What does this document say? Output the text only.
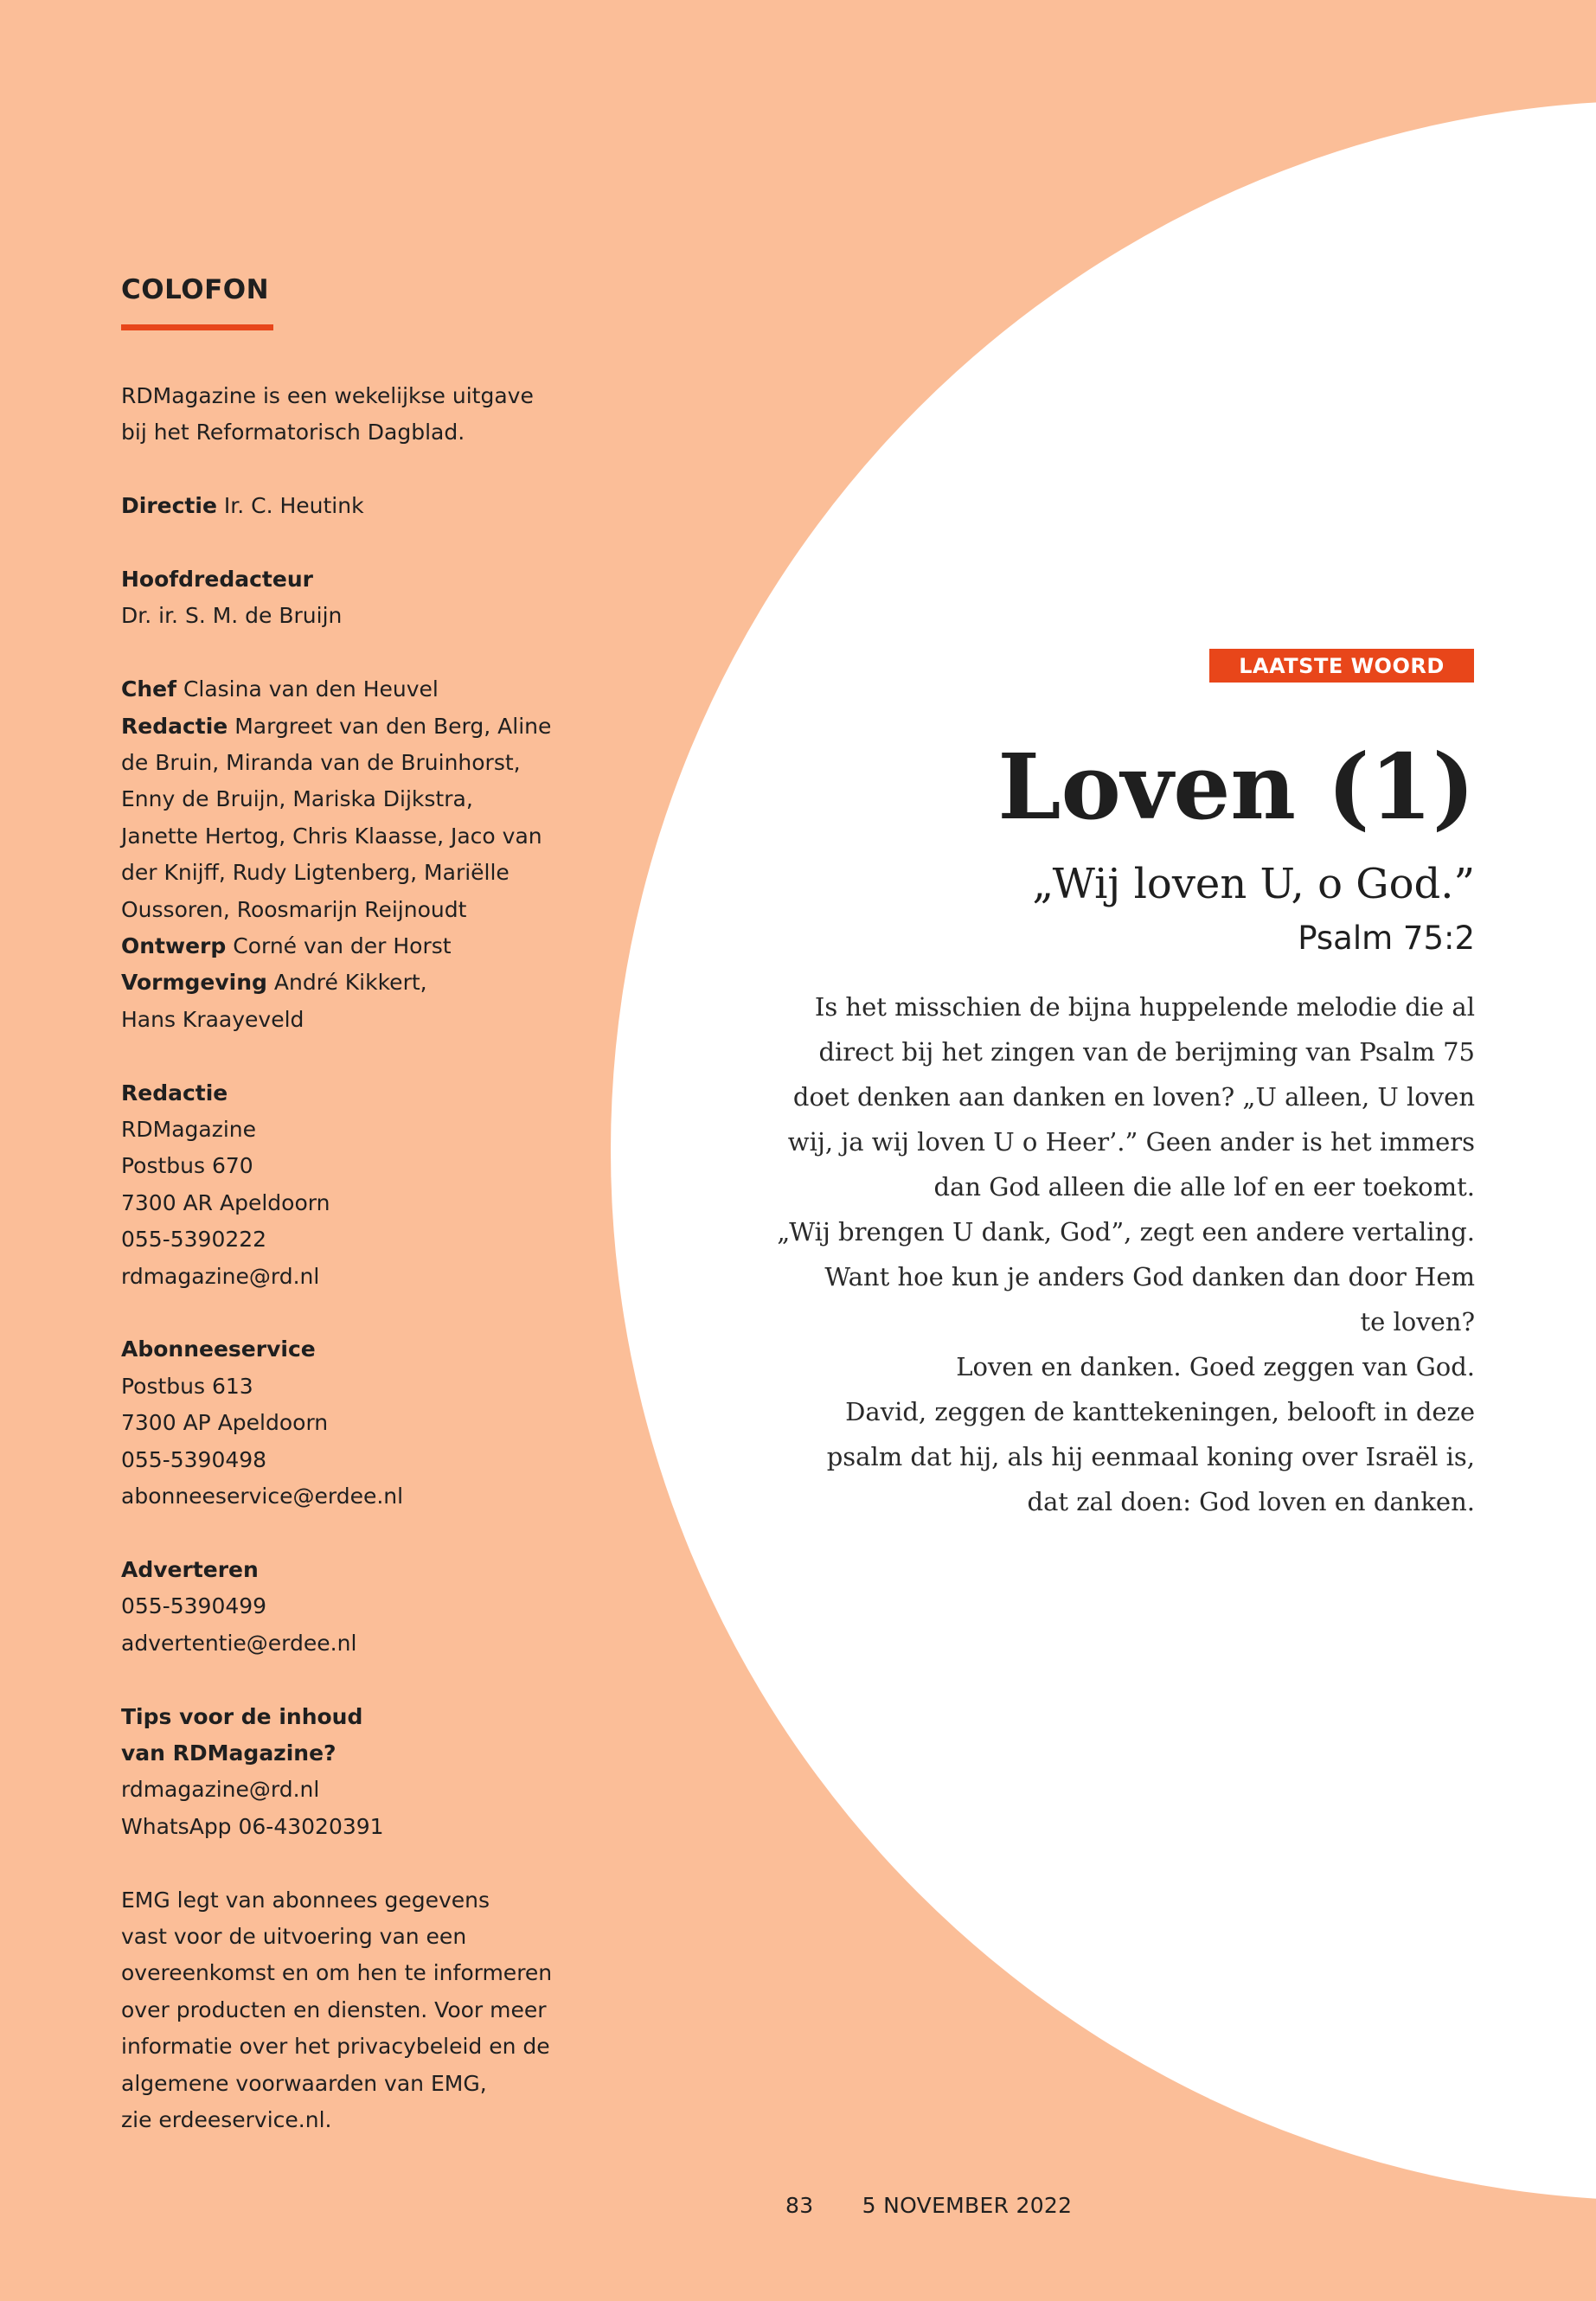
COLOFON
RDMagazine is een wekelijkse uitgave
bij het Reformatorisch Dagblad.
Directie Ir. C. Heutink
Hoofdredacteur
Dr. ir. S. M. de Bruijn
Chef Clasina van den Heuvel
Redactie Margreet van den Berg, Aline
de Bruin, Miranda van de Bruinhorst,
Enny de Bruijn, Mariska Dijkstra,
Janette Hertog, Chris Klaasse, Jaco van
der Knijff, Rudy Ligtenberg, Mariëlle
Oussoren, Roosmarijn Reijnoudt
Ontwerp Corné van der Horst
Vormgeving André Kikkert,
Hans Kraayeveld
Redactie
RDMagazine
Postbus 670
7300 AR Apeldoorn
055-5390222
rdmagazine@rd.nl
Abonneeservice
Postbus 613
7300 AP Apeldoorn
055-5390498
abonneeservice@erdee.nl
Adverteren
055-5390499
advertentie@erdee.nl
Tips voor de inhoud
van RDMagazine?
rdmagazine@rd.nl
WhatsApp 06-43020391
EMG legt van abonnees gegevens
vast voor de uitvoering van een
overeenkomst en om hen te informeren
over producten en diensten. Voor meer
informatie over het privacybeleid en de
algemene voorwaarden van EMG,
zie erdeeservice.nl.
LAATSTE WOORD
Loven (1)
„Wij loven U, o God.”
Psalm 75:2
Is het misschien de bijna huppelende melodie die al
direct bij het zingen van de berijming van Psalm 75
doet denken aan danken en loven? „U alleen, U loven
wij, ja wij loven U o Heer’.” Geen ander is het immers
dan God alleen die alle lof en eer toekomt.
„Wij brengen U dank, God”, zegt een andere vertaling.
Want hoe kun je anders God danken dan door Hem
te loven?
Loven en danken. Goed zeggen van God.
David, zeggen de kanttekeningen, belooft in deze
psalm dat hij, als hij eenmaal koning over Israël is,
dat zal doen: God loven en danken.
83 5 NOVEMBER 2022
